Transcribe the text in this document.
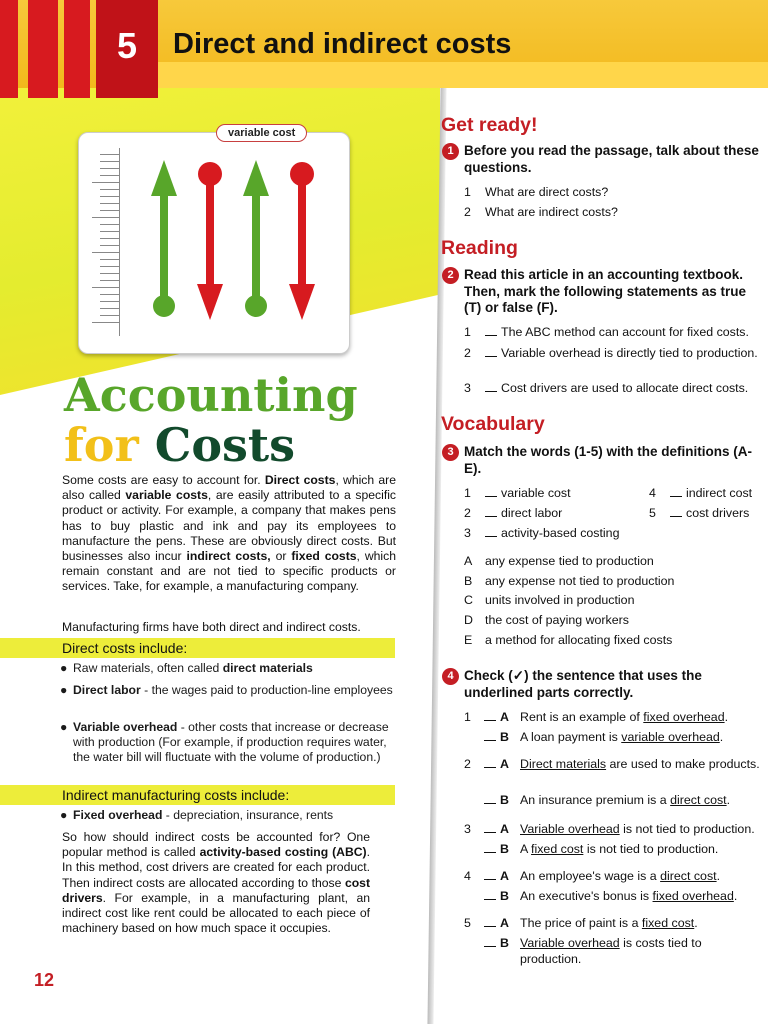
5	Direct and indirect costs
variable cost
Accounting
for Costs
Some costs are easy to account for. Direct costs, which are also called variable costs, are easily attributed to a specific product or activity. For example, a company that makes pens has to buy plastic and ink and pay its employees to manufacture the pens. These are obviously direct costs. But businesses also incur indirect costs, or fixed costs, which remain constant and are not tied to specific products or services. Take, for example, a manufacturing company.
Manufacturing firms have both direct and indirect costs.
Direct costs include:
● Raw materials, often called direct materials
● Direct labor - the wages paid to production-line employees
● Variable overhead - other costs that increase or decrease with production (For example, if production requires water, the water bill will fluctuate with the volume of production.)
Indirect manufacturing costs include:
● Fixed overhead - depreciation, insurance, rents
So how should indirect costs be accounted for? One popular method is called activity-based costing (ABC). In this method, cost drivers are created for each product. Then indirect costs are allocated according to those cost drivers. For example, in a manufacturing plant, an indirect cost like rent could be allocated to each piece of machinery based on how much space it occupies.
12
Get ready!
1 Before you read the passage, talk about these questions.
1	What are direct costs?
2	What are indirect costs?
Reading
2 Read this article in an accounting textbook. Then, mark the following statements as true (T) or false (F).
1	The ABC method can account for fixed costs.
2	Variable overhead is directly tied to production.
3	Cost drivers are used to allocate direct costs.
Vocabulary
3 Match the words (1-5) with the definitions (A-E).
1	variable cost
2	direct labor
3	activity-based costing
4	indirect cost
5	cost drivers
A	any expense tied to production
B	any expense not tied to production
C units involved in production
D the cost of paying workers
E	a method for allocating fixed costs
4 Check (✓) the sentence that uses the underlined parts correctly.
1	A Rent is an example of fixed overhead.
B A loan payment is variable overhead.
2	A Direct materials are used to make products.
B An insurance premium is a direct cost.
3	A Variable overhead is not tied to production.
B A fixed cost is not tied to production.
4	A An employee's wage is a direct cost.
B An executive's bonus is fixed overhead.
5	A The price of paint is a fixed cost.
B Variable overhead is costs tied to production.
